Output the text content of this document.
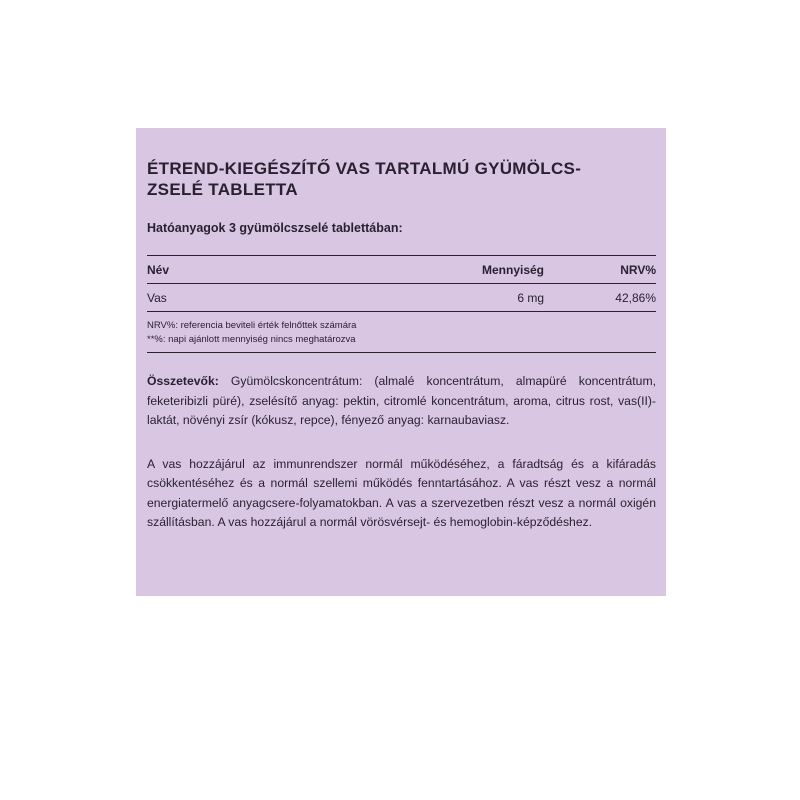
ÉTREND-KIEGÉSZÍTŐ VAS TARTALMÚ GYÜMÖLCS-
ZSELÉ TABLETTA
Hatóanyagok 3 gyümölcszselé tablettában:
Név	Mennyiség	NRV%
Vas	6 mg	42,86%
NRV%: referencia beviteli érték felnőttek számára
**%: napi ajánlott mennyiség nincs meghatározva

Összetevők: Gyümölcskoncentrátum: (almalé koncentrátum, almapüré koncentrátum, feketeribizli püré), zselésítő anyag: pektin, citromlé koncentrátum, aroma, citrus rost, vas(II)-laktát, növényi zsír (kókusz, repce), fényező anyag: karnaubaviasz.

A vas hozzájárul az immunrendszer normál működéséhez, a fáradtság és a kifáradás csökkentéséhez és a normál szellemi működés fenntartásához. A vas részt vesz a normál energiatermelő anyagcsere-folyamatokban. A vas a szervezetben részt vesz a normál oxigén szállításban. A vas hozzájárul a normál vörösvérsejt- és hemoglobin-képződéshez.
